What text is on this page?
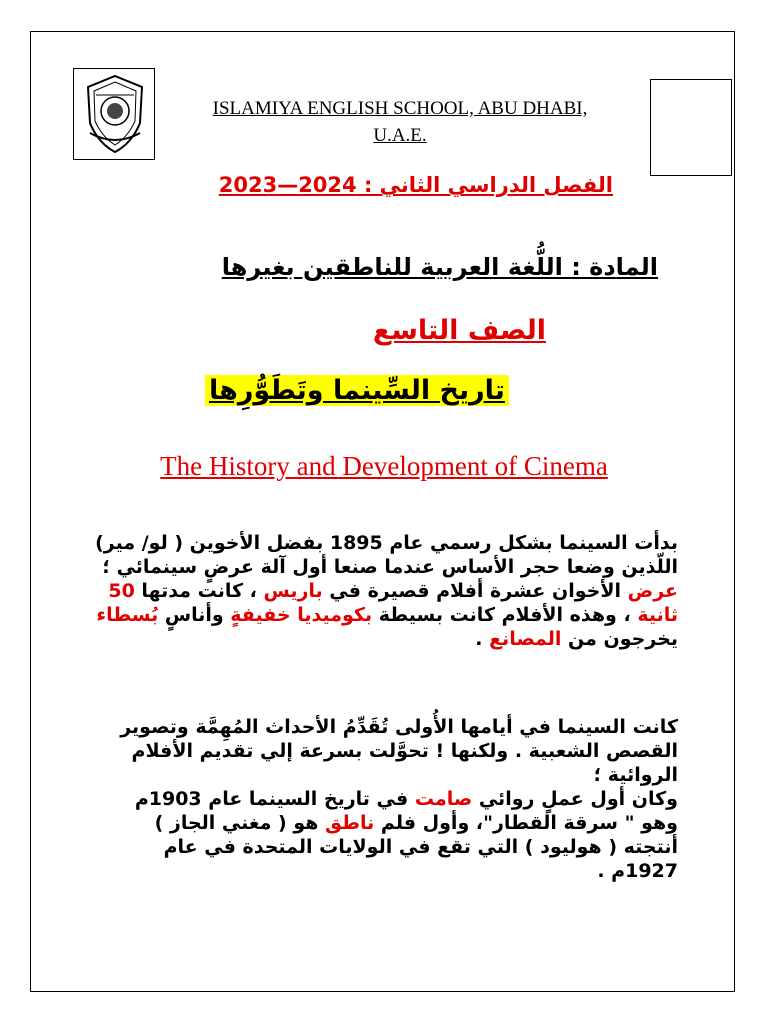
ISLAMIYA ENGLISH SCHOOL, ABU DHABI,
U.A.E.
الفصل الدراسي الثاني : 2024—2023
المادة : اللُّغة العربية للناطقين بغيرها
الصف التاسع
تاريخ السِّينما وتَطَوُّرِها
The History and Development of Cinema
بدأت السينما بشكل رسمي عام 1895 بفضل الأخوين ( لو/ مير) اللّذين وضعا حجر الأساس عندما صنعا أول آلة عرضٍ سينمائي ؛
عرض الأخوان عشرة أفلام قصيرة في باريس ، كانت مدتها 50 ثانية ، وهذه الأفلام كانت بسيطة بكوميديا خفيفةٍ وأناسٍ بُسطاء يخرجون من المصانع .
كانت السينما في أيامها الأُولى تُقَدِّمُ الأحداث المُهِمَّة وتصوير القصص الشعبية . ولكنها ! تحوَّلت بسرعة إلي تقديم الأفلام الروائية ؛
وكان أول عملٍ روائي صامت في تاريخ السينما عام 1903م وهو " سرقة القطار"، وأول فلم ناطق هو ( مغني الجاز ) أنتجته ( هوليود ) التي تقع في الولايات المتحدة في عام 1927م .
